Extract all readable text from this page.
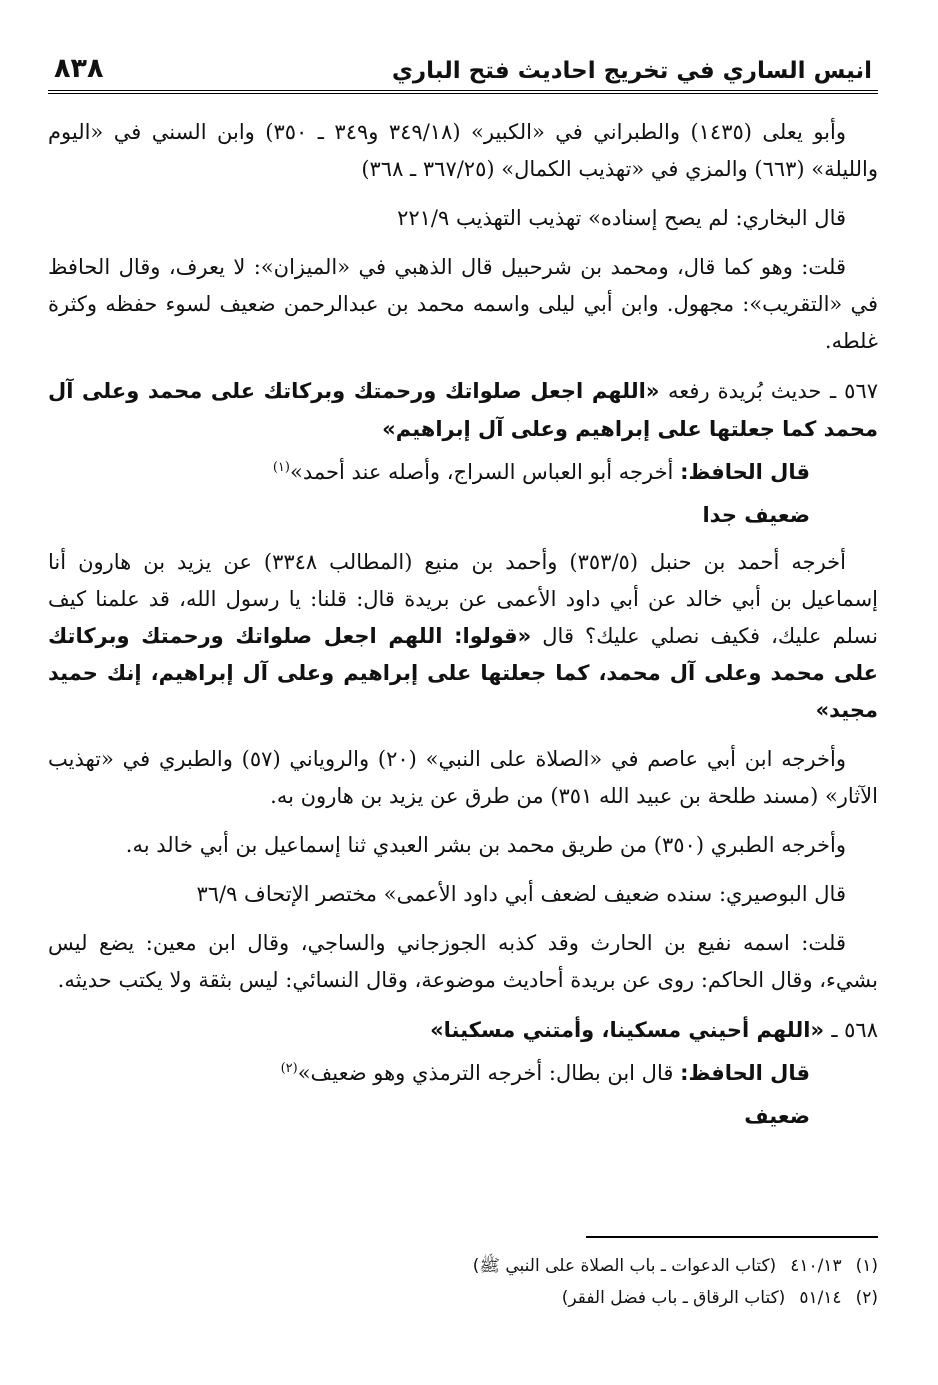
انيس الساري في تخريج احاديث فتح الباري
٨٣٨

وأبو يعلى (١٤٣٥) والطبراني في «الكبير» (٣٤٩/١٨ و٣٤٩ ـ ٣٥٠) وابن السني في «اليوم والليلة» (٦٦٣) والمزي في «تهذيب الكمال» (٣٦٧/٢٥ ـ ٣٦٨)

قال البخاري: لم يصح إسناده» تهذيب التهذيب ٢٢١/٩

قلت: وهو كما قال، ومحمد بن شرحبيل قال الذهبي في «الميزان»: لا يعرف، وقال الحافظ في «التقريب»: مجهول. وابن أبي ليلى واسمه محمد بن عبدالرحمن ضعيف لسوء حفظه وكثرة غلطه.

٥٦٧ ـ حديث بُريدة رفعه «اللهم اجعل صلواتك ورحمتك وبركاتك على محمد وعلى آل محمد كما جعلتها على إبراهيم وعلى آل إبراهيم»

قال الحافظ: أخرجه أبو العباس السراج، وأصله عند أحمد»$^{(١)}$

ضعيف جدا

أخرجه أحمد بن حنبل (٣٥٣/٥) وأحمد بن منيع (المطالب ٣٣٤٨) عن يزيد بن هارون أنا إسماعيل بن أبي خالد عن أبي داود الأعمى عن بريدة قال: قلنا: يا رسول الله، قد علمنا كيف نسلم عليك، فكيف نصلي عليك؟ قال «قولوا: اللهم اجعل صلواتك ورحمتك وبركاتك على محمد وعلى آل محمد، كما جعلتها على إبراهيم وعلى آل إبراهيم، إنك حميد مجيد»

وأخرجه ابن أبي عاصم في «الصلاة على النبي» (٢٠) والروياني (٥٧) والطبري في «تهذيب الآثار» (مسند طلحة بن عبيد الله ٣٥١) من طرق عن يزيد بن هارون به.

وأخرجه الطبري (٣٥٠) من طريق محمد بن بشر العبدي ثنا إسماعيل بن أبي خالد به.

قال البوصيري: سنده ضعيف لضعف أبي داود الأعمى» مختصر الإتحاف ٣٦/٩

قلت: اسمه نفيع بن الحارث وقد كذبه الجوزجاني والساجي، وقال ابن معين: يضع ليس بشيء، وقال الحاكم: روى عن بريدة أحاديث موضوعة، وقال النسائي: ليس بثقة ولا يكتب حديثه.

٥٦٨ ـ «اللهم أحيني مسكينا، وأمتني مسكينا»

قال الحافظ: قال ابن بطال: أخرجه الترمذي وهو ضعيف»$^{(٢)}$

ضعيف

(١)٤١٠/١٣(كتاب الدعوات ـ باب الصلاة على النبي ﷺ)
(٢)٥١/١٤(كتاب الرقاق ـ باب فضل الفقر)
